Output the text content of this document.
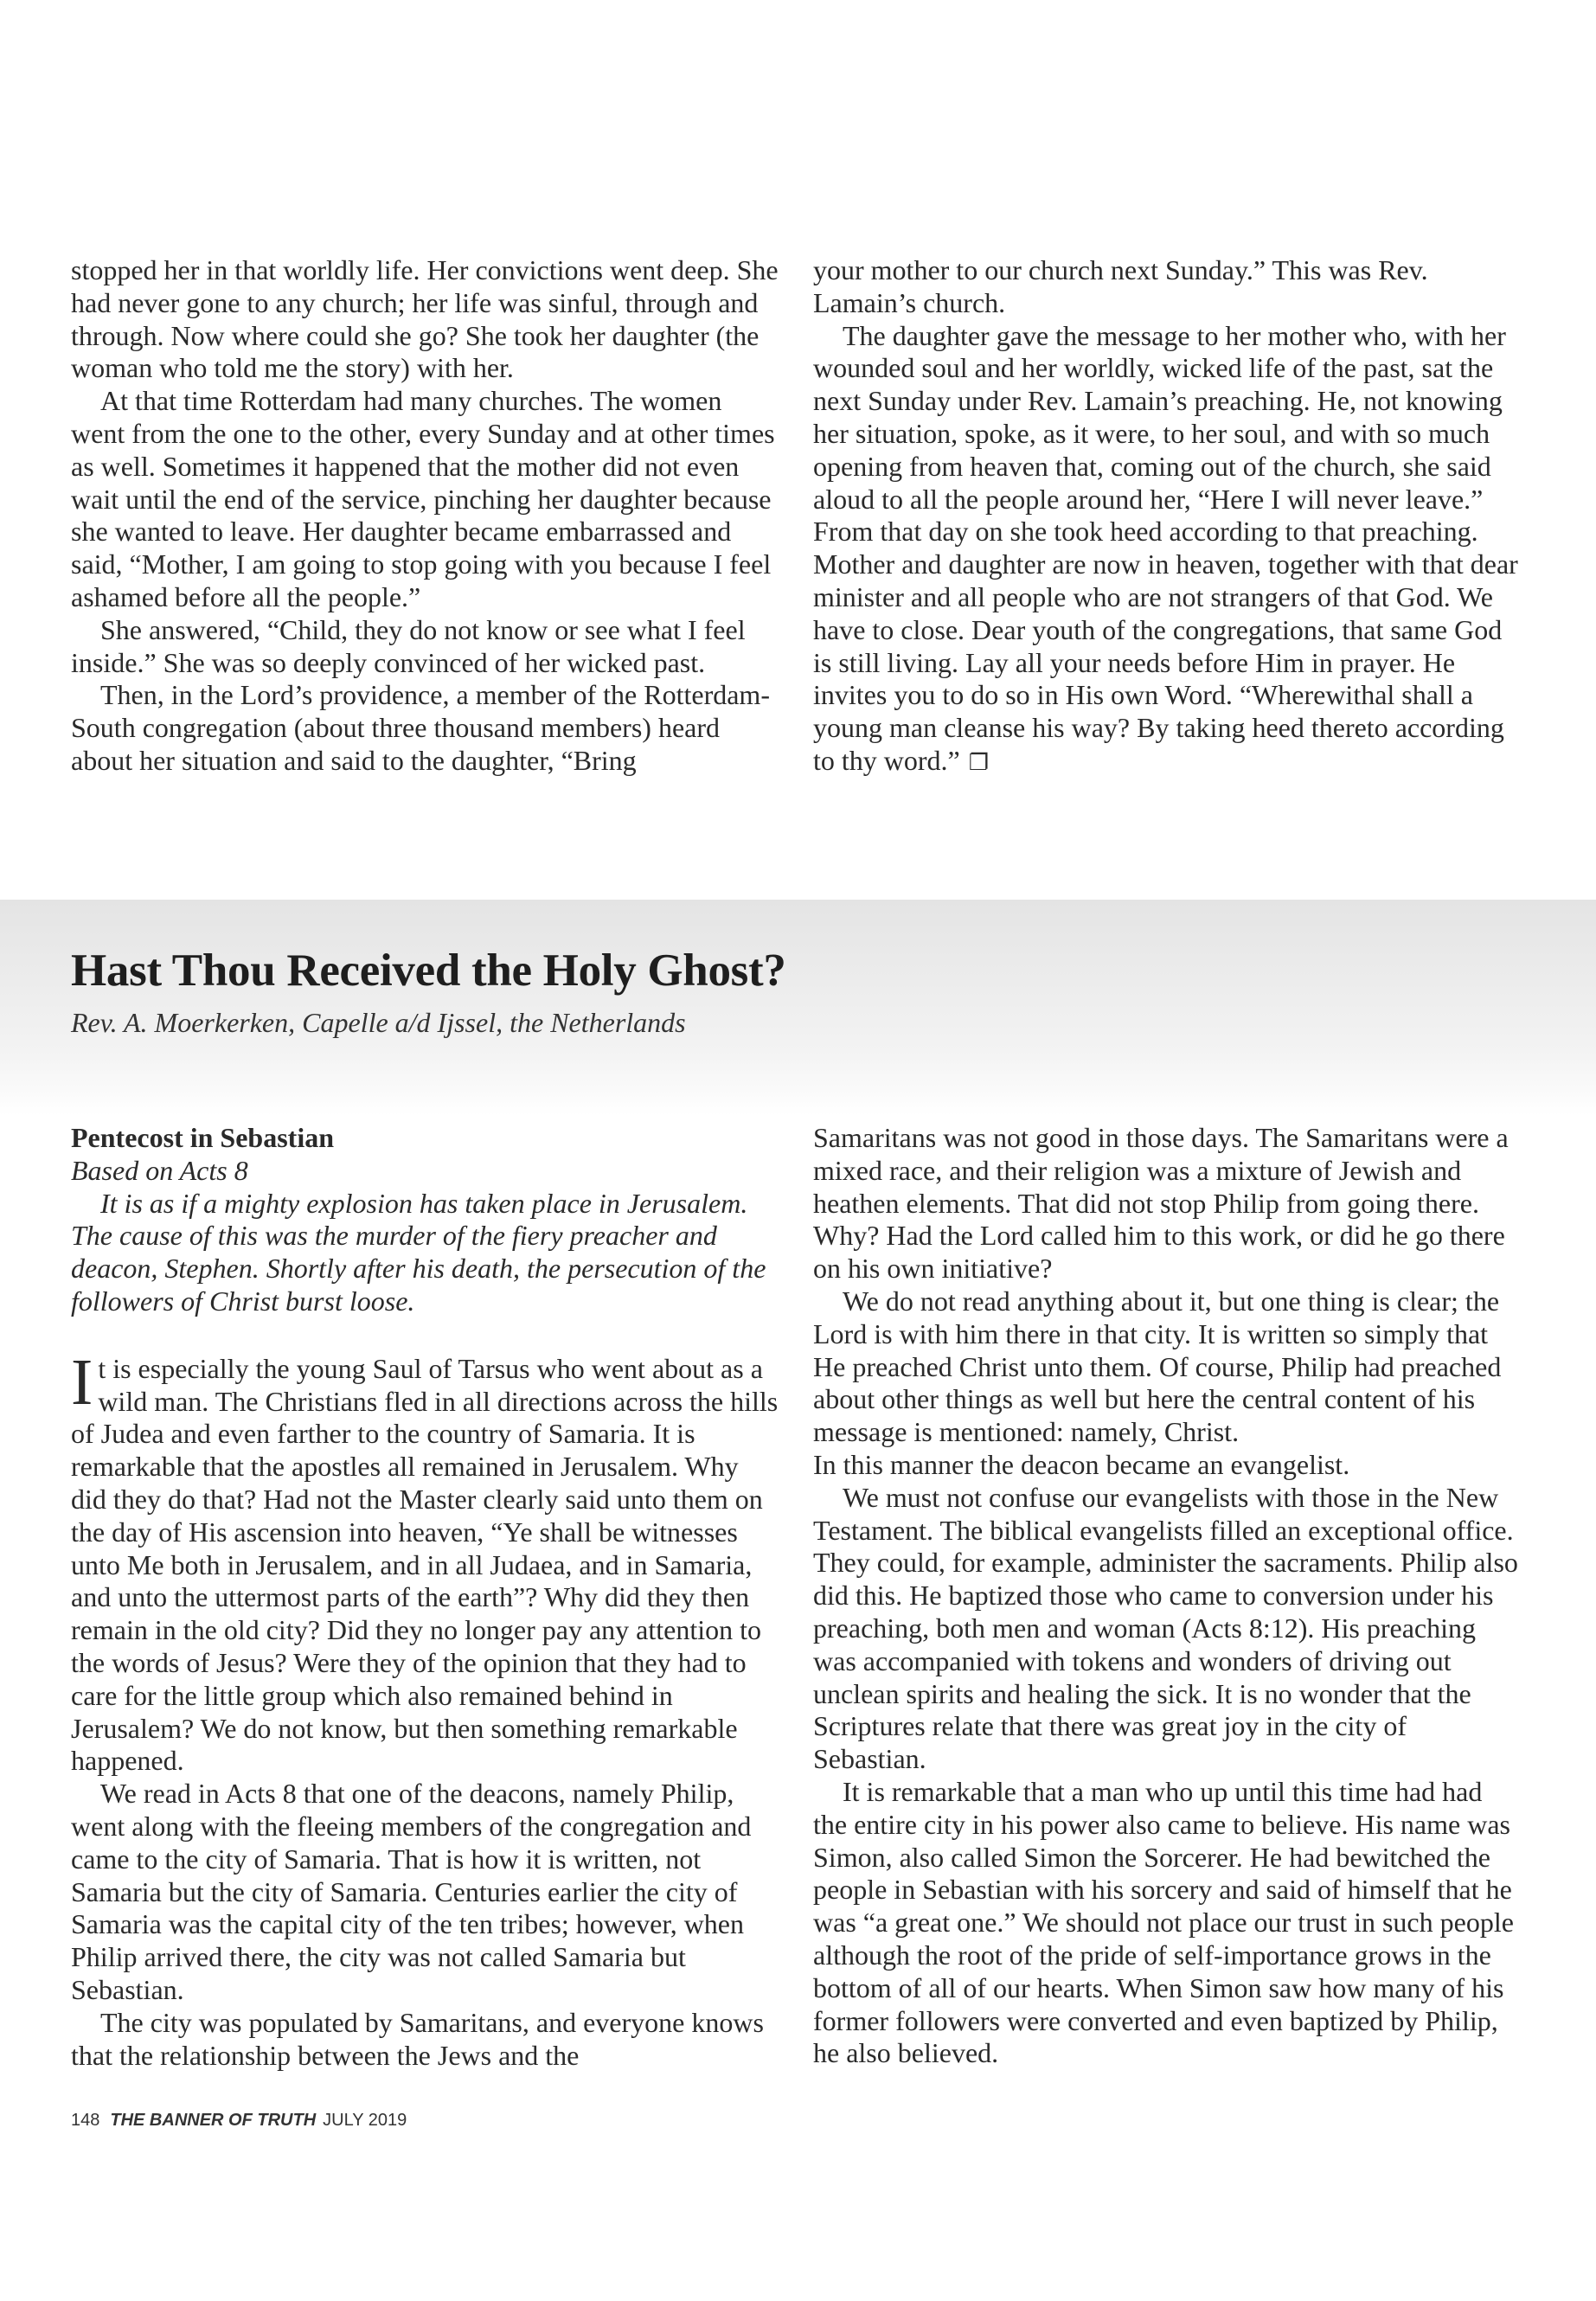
stopped her in that worldly life. Her convictions went deep. She had never gone to any church; her life was sinful, through and through. Now where could she go? She took her daughter (the woman who told me the story) with her.

At that time Rotterdam had many churches. The women went from the one to the other, every Sunday and at other times as well. Sometimes it happened that the mother did not even wait until the end of the service, pinching her daughter because she wanted to leave. Her daughter became embarrassed and said, “Mother, I am going to stop going with you because I feel ashamed before all the people.”

She answered, “Child, they do not know or see what I feel inside.” She was so deeply convinced of her wicked past.

Then, in the Lord’s providence, a member of the Rotterdam-South congregation (about three thousand members) heard about her situation and said to the daughter, “Bring

your mother to our church next Sunday.” This was Rev. Lamain’s church.

The daughter gave the message to her mother who, with her wounded soul and her worldly, wicked life of the past, sat the next Sunday under Rev. Lamain’s preaching. He, not knowing her situation, spoke, as it were, to her soul, and with so much opening from heaven that, coming out of the church, she said aloud to all the people around her, “Here I will never leave.” From that day on she took heed according to that preaching. Mother and daughter are now in heaven, together with that dear minister and all people who are not strangers of that God. We have to close. Dear youth of the congregations, that same God is still living. Lay all your needs before Him in prayer. He invites you to do so in His own Word. “Wherewithal shall a young man cleanse his way? By taking heed thereto according to thy word.” ❐

Hast Thou Received the Holy Ghost?

Rev. A. Moerkerken, Capelle a/d Ijssel, the Netherlands

Pentecost in Sebastian

Based on Acts 8

It is as if a mighty explosion has taken place in Jerusalem. The cause of this was the murder of the fiery preacher and deacon, Stephen. Shortly after his death, the persecution of the followers of Christ burst loose.

It is especially the young Saul of Tarsus who went about as a wild man. The Christians fled in all directions across the hills of Judea and even farther to the country of Samaria. It is remarkable that the apostles all remained in Jerusalem. Why did they do that? Had not the Master clearly said unto them on the day of His ascension into heaven, “Ye shall be witnesses unto Me both in Jerusalem, and in all Judaea, and in Samaria, and unto the uttermost parts of the earth”? Why did they then remain in the old city? Did they no longer pay any attention to the words of Jesus? Were they of the opinion that they had to care for the little group which also remained behind in Jerusalem? We do not know, but then something remarkable happened.

We read in Acts 8 that one of the deacons, namely Philip, went along with the fleeing members of the congregation and came to the city of Samaria. That is how it is written, not Samaria but the city of Samaria. Centuries earlier the city of Samaria was the capital city of the ten tribes; however, when Philip arrived there, the city was not called Samaria but Sebastian.

The city was populated by Samaritans, and everyone knows that the relationship between the Jews and the

Samaritans was not good in those days. The Samaritans were a mixed race, and their religion was a mixture of Jewish and heathen elements. That did not stop Philip from going there. Why? Had the Lord called him to this work, or did he go there on his own initiative?

We do not read anything about it, but one thing is clear; the Lord is with him there in that city. It is written so simply that He preached Christ unto them. Of course, Philip had preached about other things as well but here the central content of his message is mentioned: namely, Christ.

In this manner the deacon became an evangelist.

We must not confuse our evangelists with those in the New Testament. The biblical evangelists filled an exceptional office. They could, for example, administer the sacraments. Philip also did this. He baptized those who came to conversion under his preaching, both men and woman (Acts 8:12). His preaching was accompanied with tokens and wonders of driving out unclean spirits and healing the sick. It is no wonder that the Scriptures relate that there was great joy in the city of Sebastian.

It is remarkable that a man who up until this time had had the entire city in his power also came to believe. His name was Simon, also called Simon the Sorcerer. He had bewitched the people in Sebastian with his sorcery and said of himself that he was “a great one.” We should not place our trust in such people although the root of the pride of self-importance grows in the bottom of all of our hearts. When Simon saw how many of his former followers were converted and even baptized by Philip, he also believed.

148 THE BANNER OF TRUTH JULY 2019
